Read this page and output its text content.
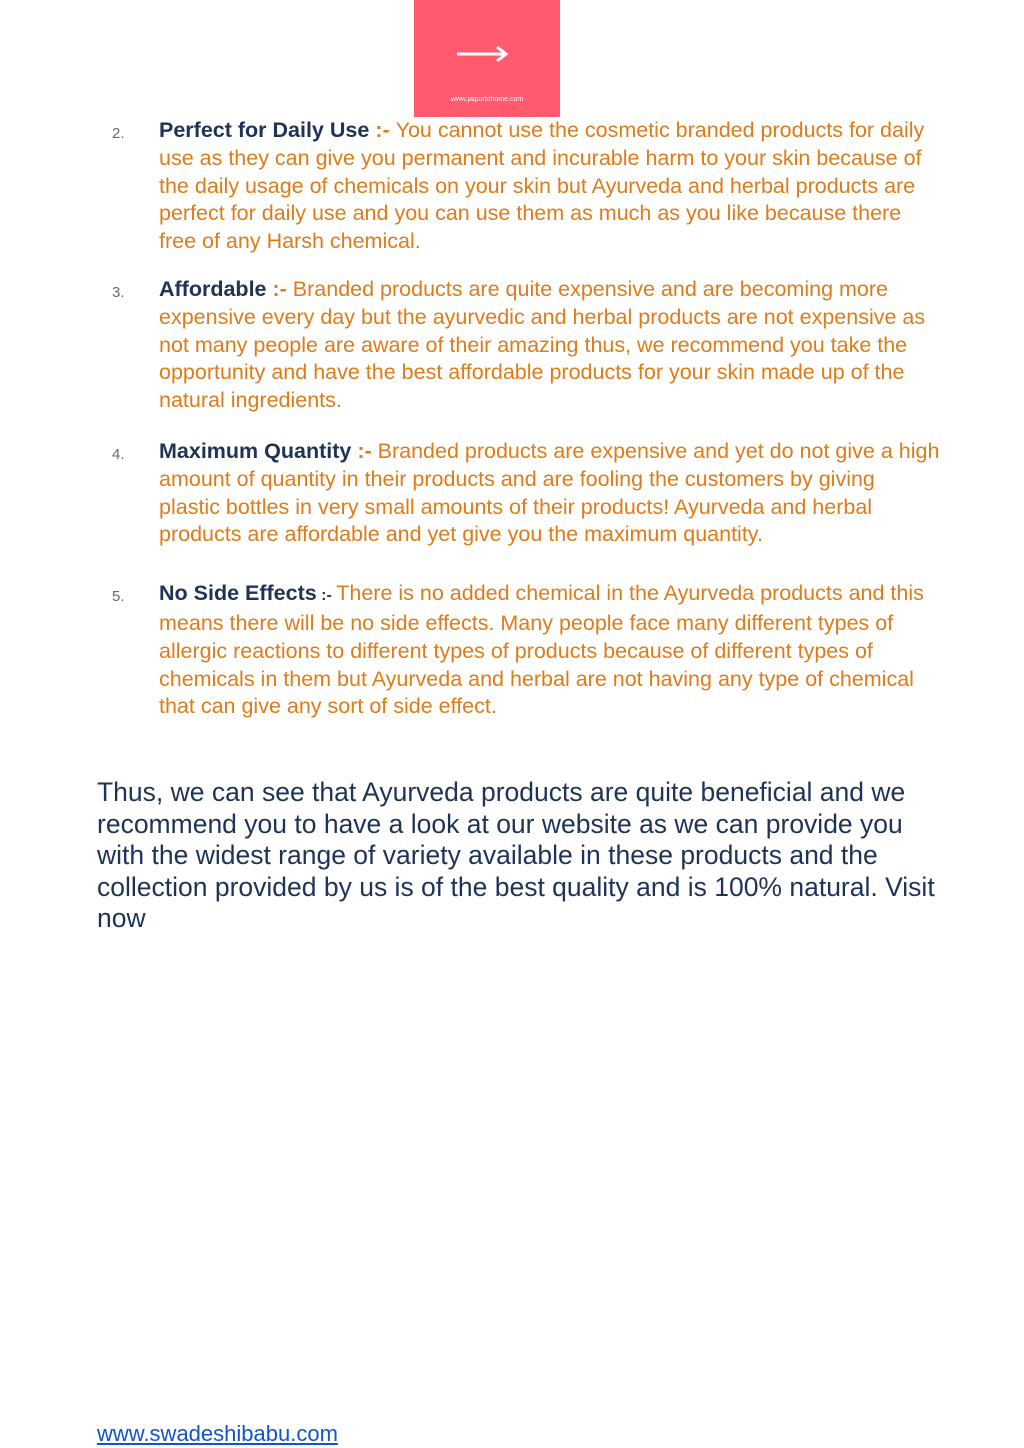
www.jaipurtohome.com
2. Perfect for Daily Use :- You cannot use the cosmetic branded products for daily use as they can give you permanent and incurable harm to your skin because of the daily usage of chemicals on your skin but Ayurveda and herbal products are perfect for daily use and you can use them as much as you like because there free of any Harsh chemical.
3. Affordable :- Branded products are quite expensive and are becoming more expensive every day but the ayurvedic and herbal products are not expensive as not many people are aware of their amazing thus, we recommend you take the opportunity and have the best affordable products for your skin made up of the natural ingredients.
4. Maximum Quantity :- Branded products are expensive and yet do not give a high amount of quantity in their products and are fooling the customers by giving plastic bottles in very small amounts of their products! Ayurveda and herbal products are affordable and yet give you the maximum quantity.
5. No Side Effects :- There is no added chemical in the Ayurveda products and this means there will be no side effects. Many people face many different types of allergic reactions to different types of products because of different types of chemicals in them but Ayurveda and herbal are not having any type of chemical that can give any sort of side effect.

Thus, we can see that Ayurveda products are quite beneficial and we recommend you to have a look at our website as we can provide you with the widest range of variety available in these products and the collection provided by us is of the best quality and is 100% natural. Visit now

www.swadeshibabu.com
